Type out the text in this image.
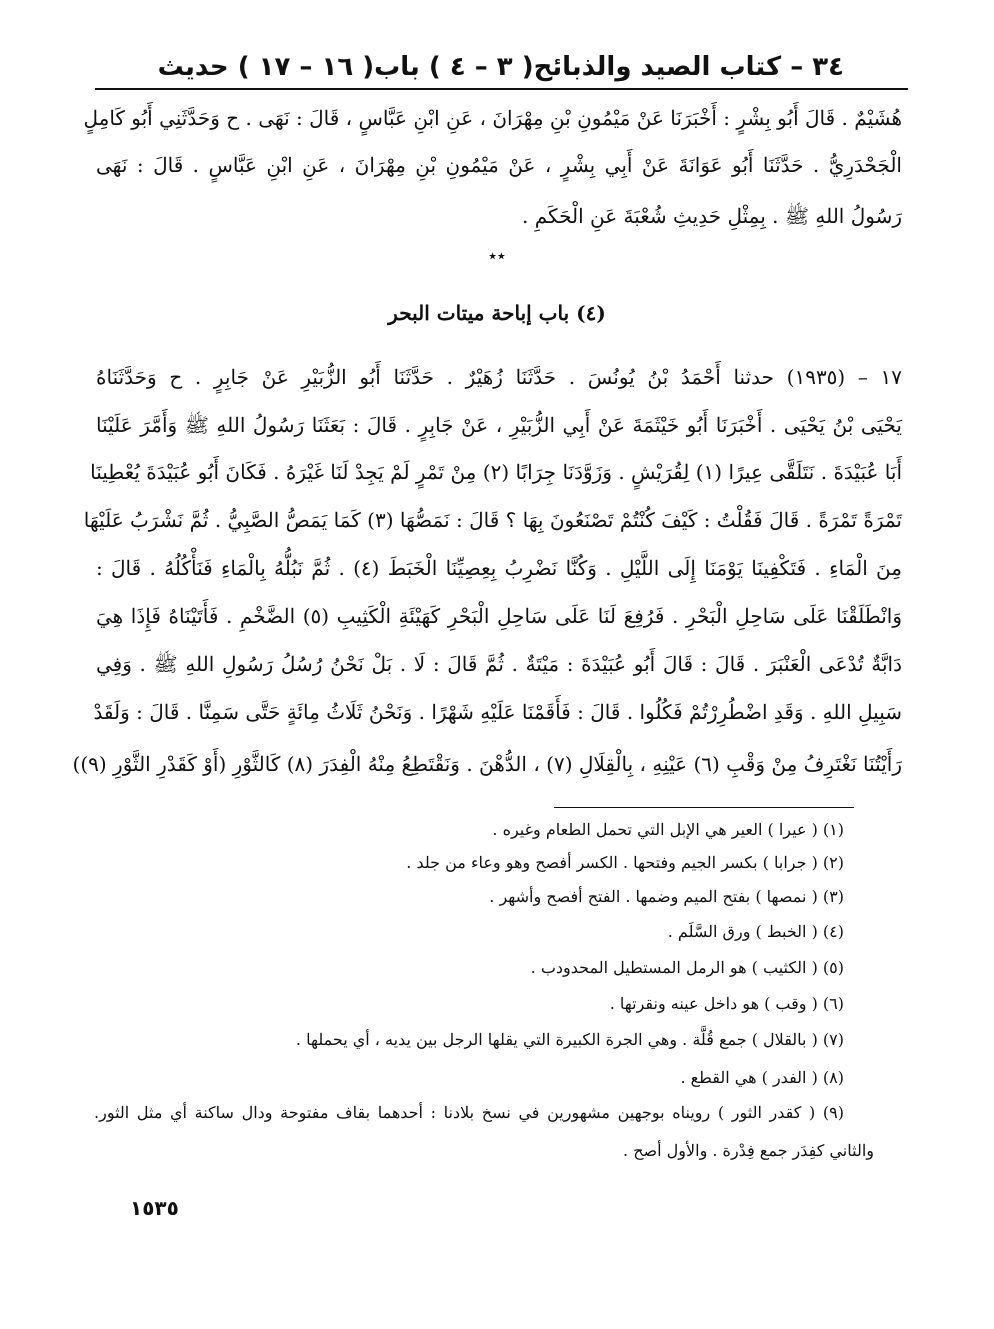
٣٤ – كتاب الصيد والذبائح
( ٣ – ٤ ) باب
( ١٦ – ١٧ ) حديث
هُشَيْمٌ . قَالَ أَبُو بِشْرٍ : أَخْبَرَنَا عَنْ مَيْمُونِ بْنِ مِهْرَانَ ، عَنِ ابْنِ عَبَّاسٍ ، قَالَ : نَهَى . ح وَحَدَّثَنِي أَبُو كَامِلٍ
الْجَحْدَرِيُّ . حَدَّثَنَا أَبُو عَوَانَةَ عَنْ أَبِي بِشْرٍ ، عَنْ مَيْمُونِ بْنِ مِهْرَانَ ، عَنِ ابْنِ عَبَّاسٍ . قَالَ : نَهَى
رَسُولُ اللهِ ﷺ . بِمِثْلِ حَدِيثِ شُعْبَةَ عَنِ الْحَكَمِ .
٭٭
(٤) باب إباحة ميتات البحر
١٧ – (١٩٣٥) حدثنا أَحْمَدُ بْنُ يُونُسَ . حَدَّثَنَا زُهَيْرٌ . حَدَّثَنَا أَبُو الزُّبَيْرِ عَنْ جَابِرٍ . ح وَحَدَّثَنَاهُ
يَحْيَى بْنُ يَحْيَى . أَخْبَرَنَا أَبُو خَيْثَمَةَ عَنْ أَبِي الزُّبَيْرِ ، عَنْ جَابِرٍ . قَالَ : بَعَثَنَا رَسُولُ اللهِ ﷺ وَأَمَّرَ عَلَيْنَا
أَبَا عُبَيْدَةَ . نَتَلَقَّى عِيرًا (١) لِقُرَيْشٍ . وَزَوَّدَنَا جِرَابًا (٢) مِنْ تَمْرٍ لَمْ يَجِدْ لَنَا غَيْرَهُ . فَكَانَ أَبُو عُبَيْدَةَ يُعْطِينَا
تَمْرَةً تَمْرَةً . قَالَ فَقُلْتُ : كَيْفَ كُنْتُمْ تَصْنَعُونَ بِهَا ؟ قَالَ : نَمَصُّهَا (٣) كَمَا يَمَصُّ الصَّبِيُّ . ثُمَّ نَشْرَبُ عَلَيْهَا
مِنَ الْمَاءِ . فَتَكْفِينَا يَوْمَنَا إِلَى اللَّيْلِ . وَكُنَّا نَضْرِبُ بِعِصِيِّنَا الْخَبَطَ (٤) . ثُمَّ نَبُلُّهُ بِالْمَاءِ فَنَأْكُلُهُ . قَالَ :
وَانْطَلَقْنَا عَلَى سَاحِلِ الْبَحْرِ . فَرُفِعَ لَنَا عَلَى سَاحِلِ الْبَحْرِ كَهَيْئَةِ الْكَثِيبِ (٥) الضَّخْمِ . فَأَتَيْنَاهُ فَإِذَا هِيَ
دَابَّةٌ تُدْعَى الْعَنْبَرَ . قَالَ : قَالَ أَبُو عُبَيْدَةَ : مَيْتَةٌ . ثُمَّ قَالَ : لَا . بَلْ نَحْنُ رُسُلُ رَسُولِ اللهِ ﷺ . وَفِي
سَبِيلِ اللهِ . وَقَدِ اضْطُرِرْتُمْ فَكُلُوا . قَالَ : فَأَقَمْنَا عَلَيْهِ شَهْرًا . وَنَحْنُ ثَلَاثُ مِائَةٍ حَتَّى سَمِنَّا . قَالَ : وَلَقَدْ
رَأَيْتُنَا نَغْتَرِفُ مِنْ وَقْبِ (٦) عَيْنِهِ ، بِالْقِلَالِ (٧) ، الدُّهْنَ . وَنَقْتَطِعُ مِنْهُ الْفِدَرَ (٨) كَالثَّوْرِ (أَوْ كَقَدْرِ الثَّوْرِ (٩))
(١) ( عيرا ) العير هي الإبل التي تحمل الطعام وغيره .
(٢) ( جرابا ) بكسر الجيم وفتحها . الكسر أفصح وهو وعاء من جلد .
(٣) ( نمصها ) بفتح الميم وضمها . الفتح أفصح وأشهر .
(٤) ( الخبط ) ورق السَّلَم .
(٥) ( الكثيب ) هو الرمل المستطيل المحدودب .
(٦) ( وقب ) هو داخل عينه ونقرتها .
(٧) ( بالقلال ) جمع قُلَّة . وهي الجرة الكبيرة التي يقلها الرجل بين يديه ، أي يحملها .
(٨) ( الفدر ) هي القطع .
(٩) ( كقدر الثور ) رويناه بوجهين مشهورين في نسخ بلادنا : أحدهما بقاف مفتوحة ودال ساكنة أي مثل الثور.
والثاني كفِدَر جمع فِدْرة . والأول أصح .
١٥٣٥
